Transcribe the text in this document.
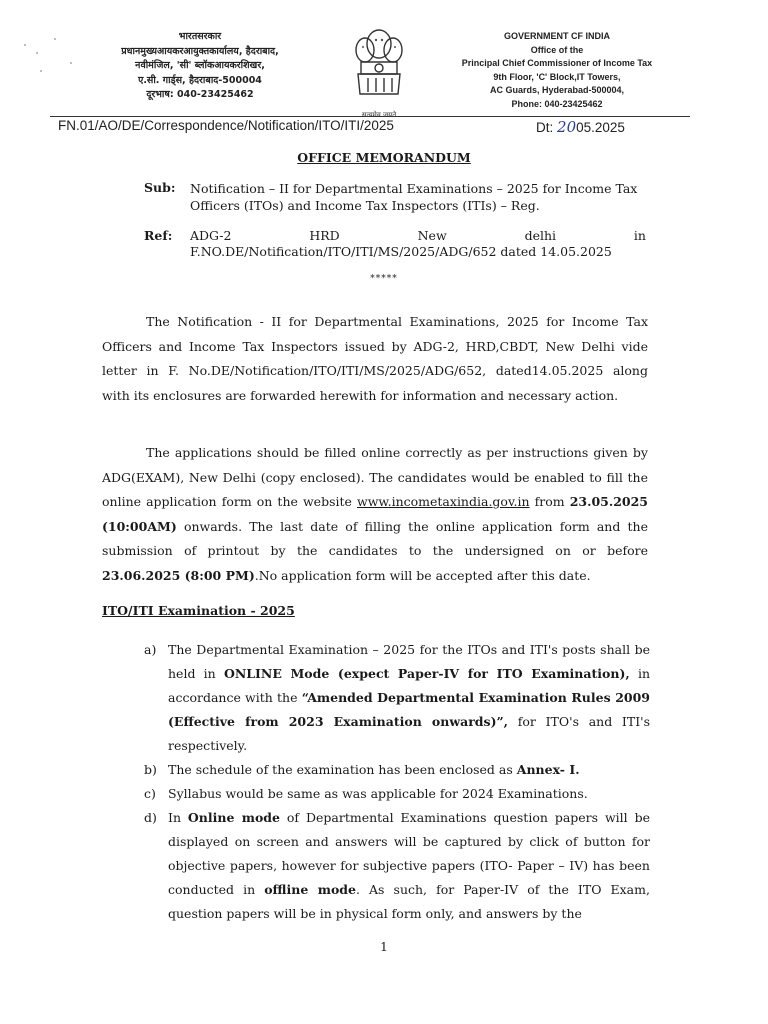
भारतसरकार
प्रधानमुख्यआयकरआयुक्तकार्यालय, हैदराबाद,
नवीमंजिल, 'सी' ब्लॉकआयकरशिखर,
ए.सी. गार्ड्स, हैदराबाद-500004
दूरभाष: 040-23425462
सत्यमेव जयते
GOVERNMENT CF INDIA
Office of the
Principal Chief Commissioner of Income Tax
9th Floor, 'C' Block,IT Towers,
AC Guards, Hyderabad-500004,
Phone: 040-23425462
FN.01/AO/DE/Correspondence/Notification/ITO/ITI/2025	Dt: 2005.2025
OFFICE MEMORANDUM
Sub: Notification – II for Departmental Examinations – 2025 for Income Tax Officers (ITOs) and Income Tax Inspectors (ITIs) – Reg.
Ref: ADG-2	HRD	New	delhi	in
F.NO.DE/Notification/ITO/ITI/MS/2025/ADG/652 dated 14.05.2025
*****
The Notification - II for Departmental Examinations, 2025 for Income Tax Officers and Income Tax Inspectors issued by ADG-2, HRD,CBDT, New Delhi vide letter in F. No.DE/Notification/ITO/ITI/MS/2025/ADG/652, dated14.05.2025 along with its enclosures are forwarded herewith for information and necessary action.
The applications should be filled online correctly as per instructions given by ADG(EXAM), New Delhi (copy enclosed). The candidates would be enabled to fill the online application form on the website www.incometaxindia.gov.in from 23.05.2025 (10:00AM) onwards. The last date of filling the online application form and the submission of printout by the candidates to the undersigned on or before 23.06.2025 (8:00 PM).No application form will be accepted after this date.
ITO/ITI Examination - 2025
a) The Departmental Examination – 2025 for the ITOs and ITI's posts shall be held in ONLINE Mode (expect Paper-IV for ITO Examination), in accordance with the “Amended Departmental Examination Rules 2009 (Effective from 2023 Examination onwards)”, for ITO's and ITI's respectively.
b) The schedule of the examination has been enclosed as Annex- I.
c) Syllabus would be same as was applicable for 2024 Examinations.
d) In Online mode of Departmental Examinations question papers will be displayed on screen and answers will be captured by click of button for objective papers, however for subjective papers (ITO- Paper – IV) has been conducted in offline mode. As such, for Paper-IV of the ITO Exam, question papers will be in physical form only, and answers by the
1
